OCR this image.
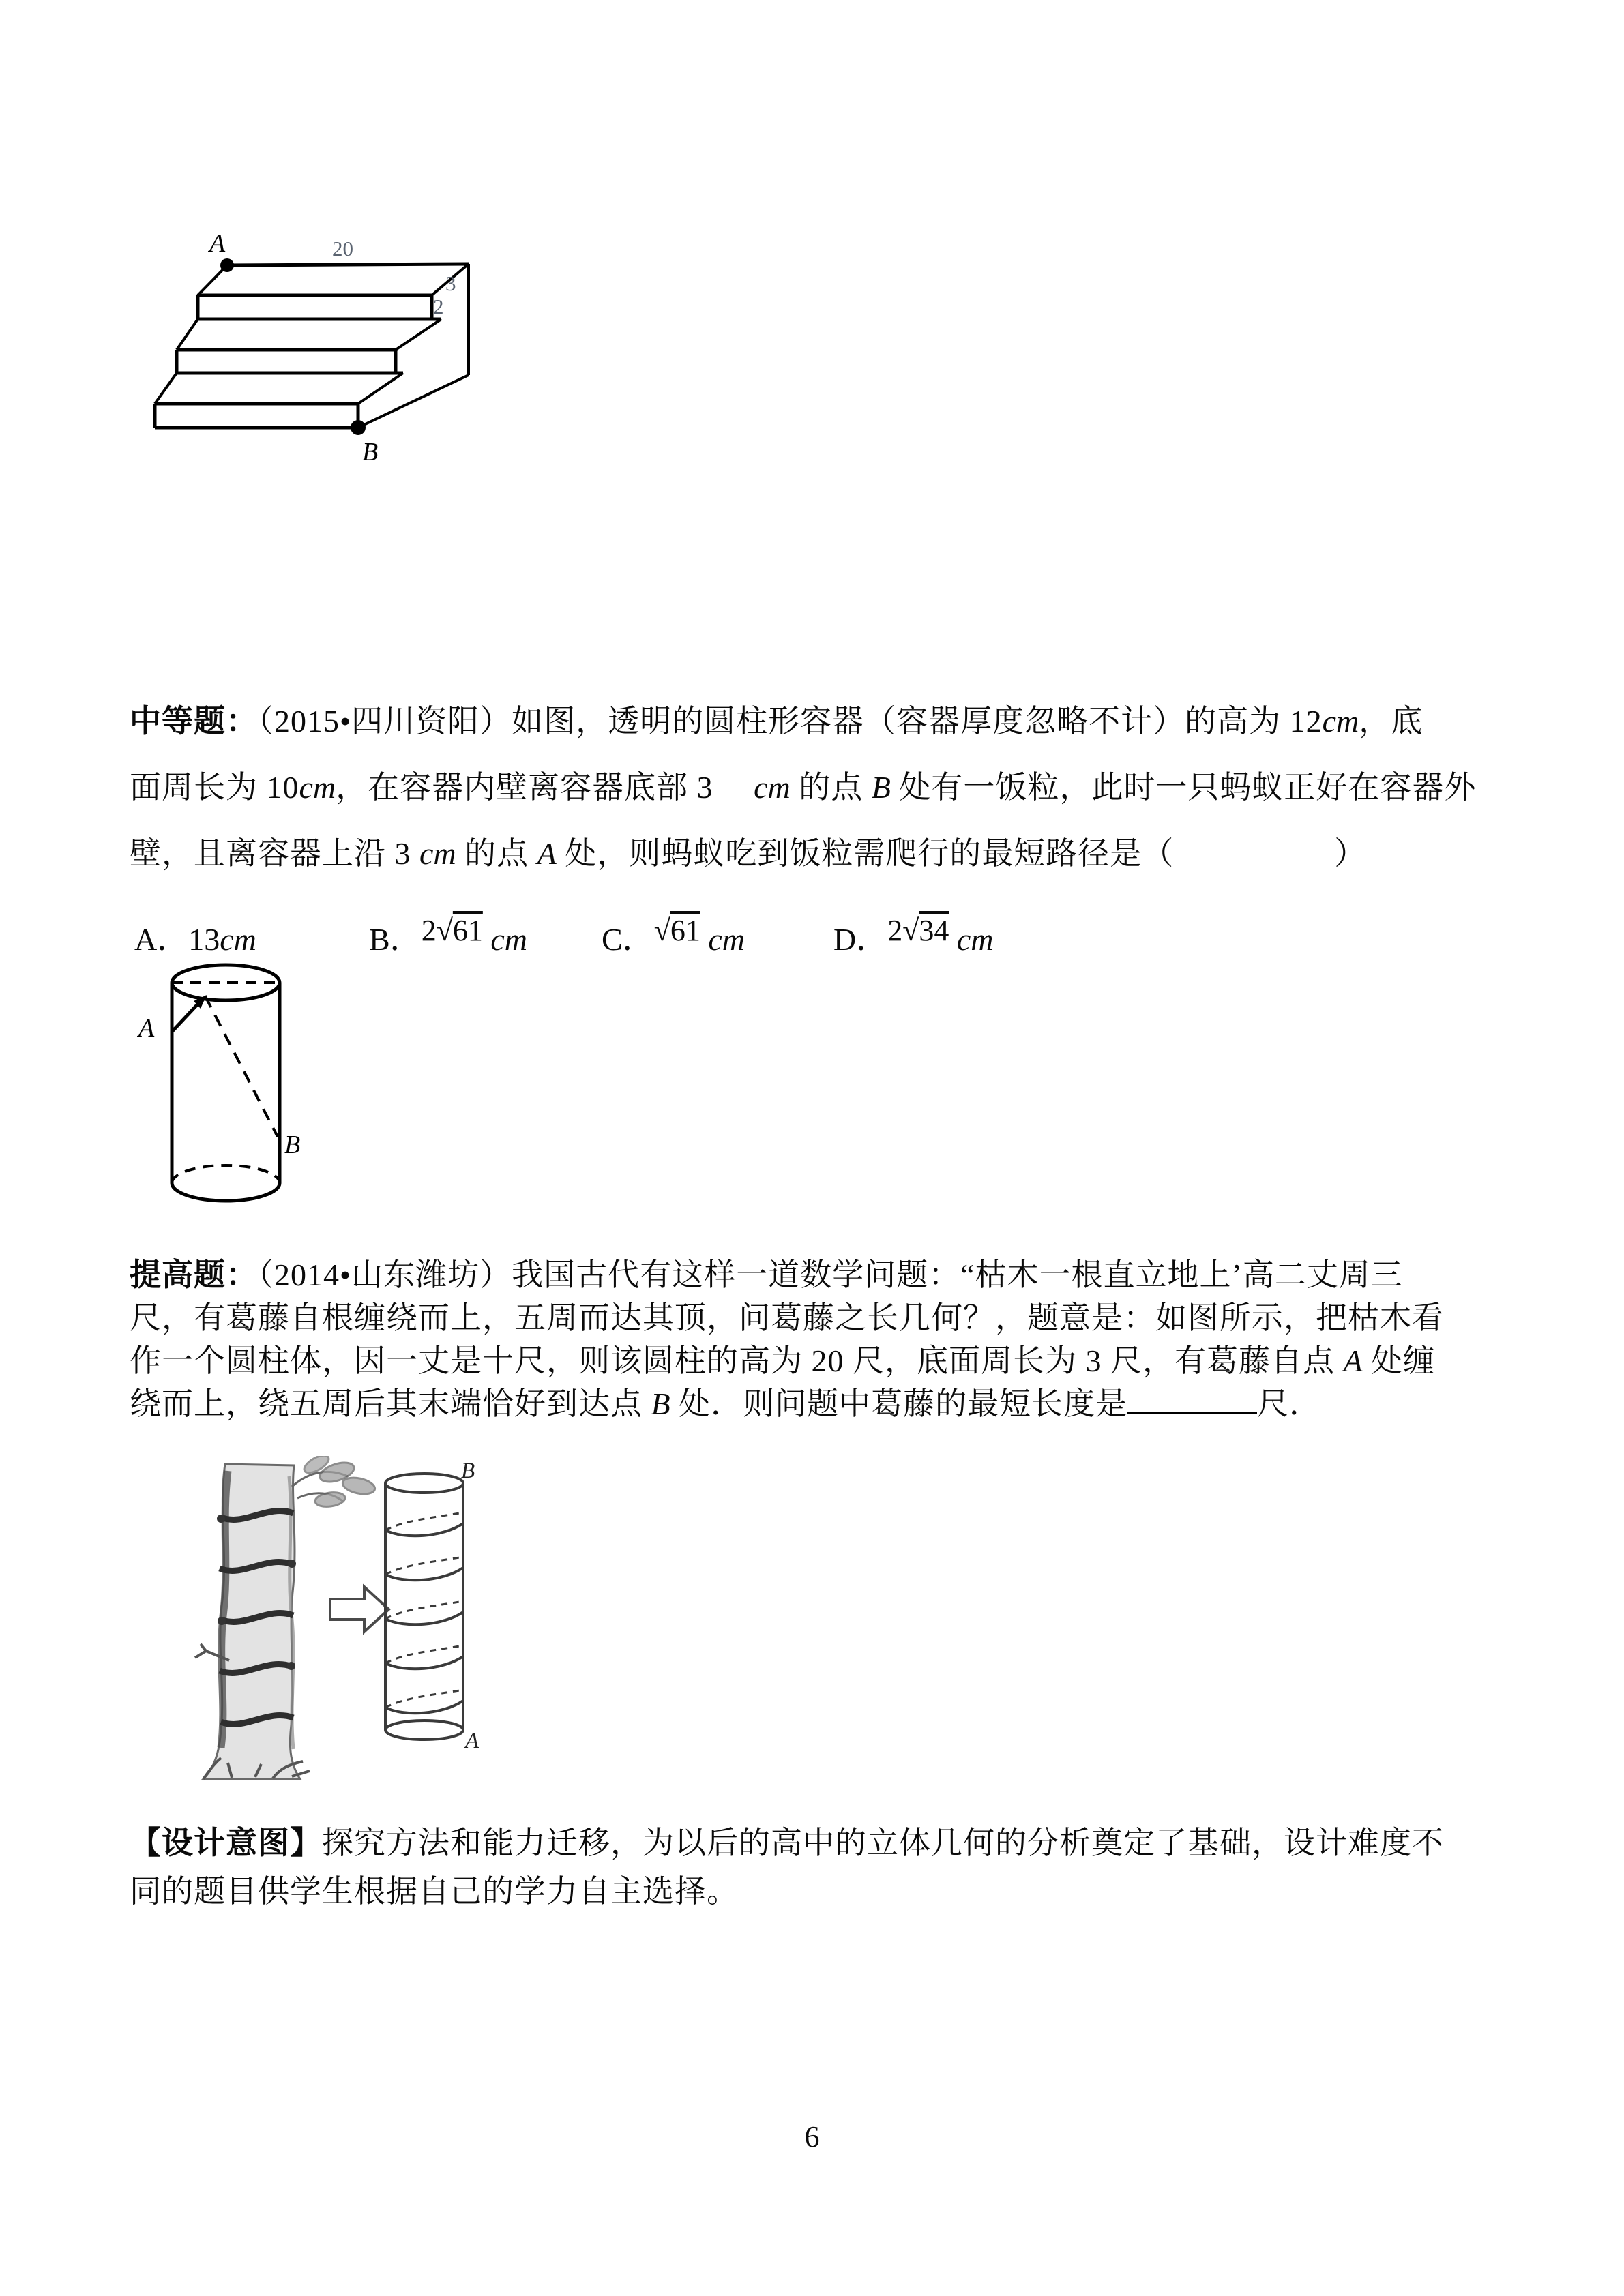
A
B
20
3
2
中等题：（2015•四川资阳）如图，透明的圆柱形容器（容器厚度忽略不计）的高为 12cm，底
面周长为 10cm，在容器内壁离容器底部 3　 cm 的点 B 处有一饭粒，此时一只蚂蚁正好在容器外
壁，且离容器上沿 3 cm 的点 A 处，则蚂蚁吃到饭粒需爬行的最短路径是（　　　　　）
A．13cm	B．2√61 cm C．√61 cm	D．2√34 cm
A
B
提高题：（2014•山东潍坊）我国古代有这样一道数学问题：“枯木一根直立地上’高二丈周三
尺，有葛藤自根缠绕而上，五周而达其顶，问葛藤之长几何？，题意是：如图所示，把枯木看
作一个圆柱体，因一丈是十尺，则该圆柱的高为 20 尺，底面周长为 3 尺，有葛藤自点 A 处缠
绕而上，绕五周后其末端恰好到达点 B 处．则问题中葛藤的最短长度是	尺．
B
A
【设计意图】探究方法和能力迁移，为以后的高中的立体几何的分析奠定了基础，设计难度不
同的题目供学生根据自己的学力自主选择。
6
